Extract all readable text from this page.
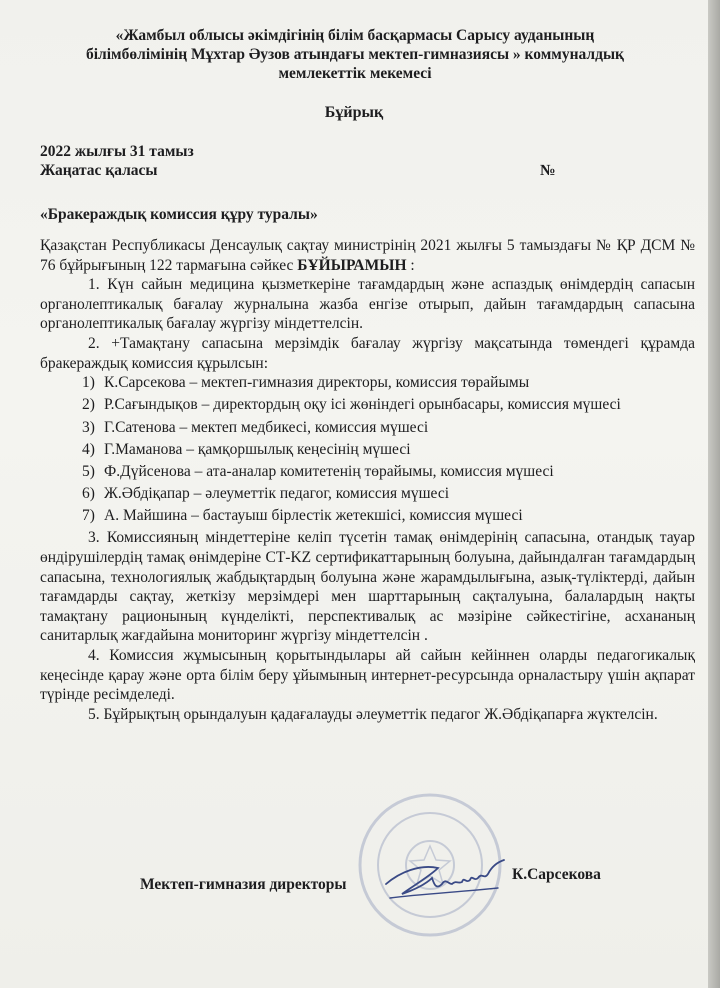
«Жамбыл облысы әкімдігінің білім басқармасы Сарысу ауданының
білімбөлімінің Мұхтар Әузов атындағы мектеп-гимназиясы » коммуналдық
мемлекеттік мекемесі
Бұйрық
2022 жылғы 31 тамыз
Жаңатас қаласы	№
«Бракераждық комиссия құру туралы»

Қазақстан Республикасы Денсаулық сақтау министрінің 2021 жылғы 5 тамыздағы № ҚР ДСМ № 76 бұйрығының 122 тармағына сәйкес БҰЙЫРАМЫН :

1. Күн сайын медицина қызметкеріне тағамдардың және аспаздық өнімдердің сапасын органолептикалық бағалау журналына жазба енгізе отырып, дайын тағамдардың сапасына органолептикалық бағалау жүргізу міндеттелсін.

2. +Тамақтану сапасына мерзімдік бағалау жүргізу мақсатында төмендегі құрамда бракераждық комиссия құрылсын:

1) К.Сарсекова – мектеп-гимназия директоры, комиссия төрайымы
2) Р.Сағындықов – директордың оқу ісі жөніндегі орынбасары, комиссия мүшесі
3) Г.Сатенова – мектеп медбикесі, комиссия мүшесі
4) Г.Маманова – қамқоршылық кеңесінің мүшесі
5) Ф.Дүйсенова – ата-аналар комитетенің төрайымы, комиссия мүшесі
6) Ж.Әбдіқапар – әлеуметтік педагог, комиссия мүшесі
7) А. Майшина – бастауыш бірлестік жетекшісі, комиссия мүшесі

3. Комиссияның міндеттеріне келіп түсетін тамақ өнімдерінің сапасына, отандық тауар өндірушілердің тамақ өнімдеріне СТ-KZ сертификаттарының болуына, дайындалған тағамдардың сапасына, технологиялық жабдықтардың болуына және жарамдылығына, азық-түліктерді, дайын тағамдарды сақтау, жеткізу мерзімдері мен шарттарының сақталуына, балалардың нақты тамақтану рационының күнделікті, перспективалық ас мәзіріне сәйкестігіне, асхананың санитарлық жағдайына мониторинг жүргізу міндеттелсін .

4. Комиссия жұмысының қорытындылары ай сайын кейіннен оларды педагогикалық кеңесінде қарау және орта білім беру ұйымының интернет-ресурсында орналастыру үшін ақпарат түрінде ресімделеді.

5. Бұйрықтың орындалуын қадағалауды әлеуметтік педагог Ж.Әбдіқапарға жүктелсін.

Мектеп-гимназия директоры
К.Сарсекова
